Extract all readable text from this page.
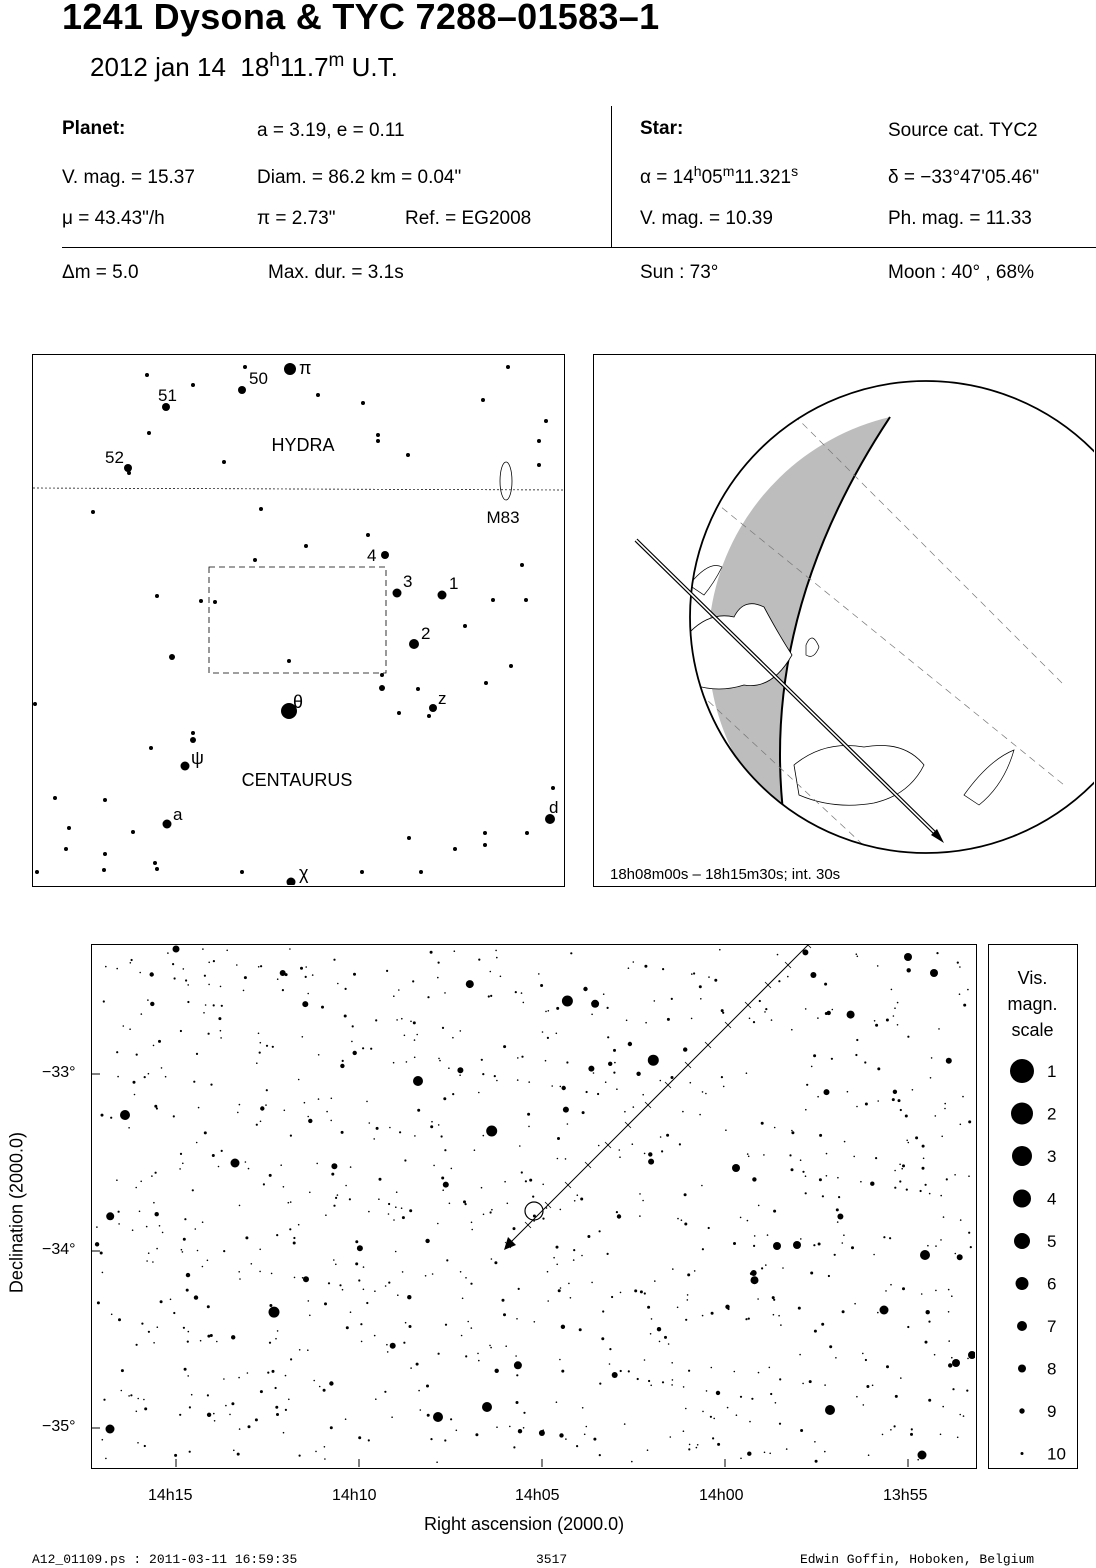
1241 Dysona & TYC 7288–01583–1
2012 jan 14 18$^h$11.7$^m$ U.T.
Planet:	a = 3.19, e = 0.11
V. mag. = 15.37	Diam. = 86.2 km = 0.04"
μ = 43.43"/h	π = 2.73"	Ref. = EG2008
Star:	Source cat. TYC2
$\alpha = 14^h05^m11.321^s$	δ = −33°47'05.46"
V. mag. = 10.39	Ph. mag. = 11.33
Δm = 5.0	Max. dur. = 3.1s	Sun : 73°	Moon : 40° , 68%
HYDRA
CENTAURUS
M83
50
51
52
π
θ
ψ
χ
a	d
z
1
2
3
4
18h08m00s – 18h15m30s; int. 30s
14h15	14h10	14h05	14h00	13h55
−33°
−34°
−35°
Right ascension (2000.0)
Declination (2000.0)
Vis.
magn.
scale
1
2
3
4
5
6
7
8
9
10
A12_01109.ps : 2011-03-11 16:59:35	3517	Edwin Goffin, Hoboken, Belgium
